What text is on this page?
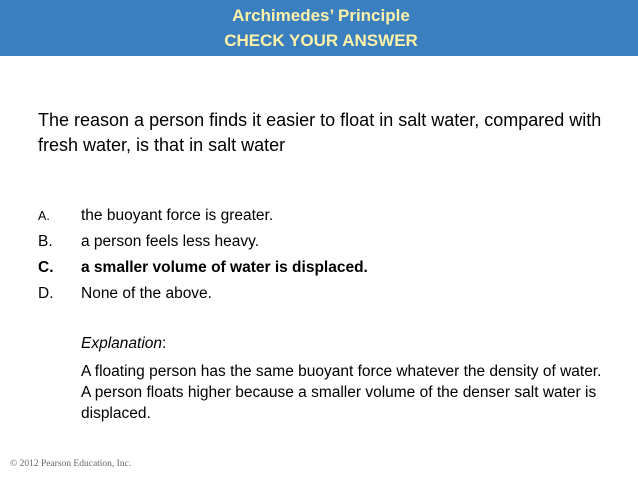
Archimedes’ Principle
CHECK YOUR ANSWER
The reason a person finds it easier to float in salt water, compared with fresh water, is that in salt water
A. the buoyant force is greater.
B. a person feels less heavy.
C. a smaller volume of water is displaced.
D. None of the above.
Explanation:
A floating person has the same buoyant force whatever the density of water. A person floats higher because a smaller volume of the denser salt water is displaced.
© 2012 Pearson Education, Inc.
